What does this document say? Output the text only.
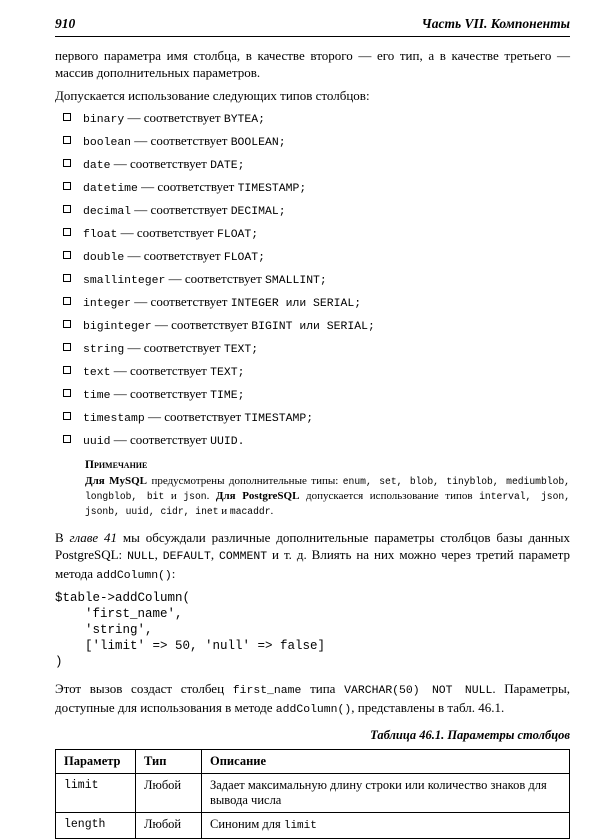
910	Часть VII. Компоненты

первого параметра имя столбца, в качестве второго — его тип, а в качестве третьего — массив дополнительных параметров.

Допускается использование следующих типов столбцов:

binary — соответствует BYTEA;
boolean — соответствует BOOLEAN;
date — соответствует DATE;
datetime — соответствует TIMESTAMP;
decimal — соответствует DECIMAL;
float — соответствует FLOAT;
double — соответствует FLOAT;
smallinteger — соответствует SMALLINT;
integer — соответствует INTEGER или SERIAL;
biginteger — соответствует BIGINT или SERIAL;
string — соответствует TEXT;
text — соответствует TEXT;
time — соответствует TIME;
timestamp — соответствует TIMESTAMP;
uuid — соответствует UUID.
Примечание
Для MySQL предусмотрены дополнительные типы: enum, set, blob, tinyblob, mediumblob, longblob, bit и json. Для PostgreSQL допускается использование типов interval, json, jsonb, uuid, cidr, inet и macaddr.

В главе 41 мы обсуждали различные дополнительные параметры столбцов базы данных PostgreSQL: NULL, DEFAULT, COMMENT и т. д. Влиять на них можно через третий параметр метода addColumn():

$table->addColumn(
'first_name',
'string',
['limit' => 50, 'null' => false]
)

Этот вызов создаст столбец first_name типа VARCHAR(50) NOT NULL. Параметры, доступные для использования в методе addColumn(), представлены в табл. 46.1.

Таблица 46.1. Параметры столбцов
Параметр	Тип	Описание
limit	Любой	Задает максимальную длину строки или количество знаков для вывода числа
length	Любой	Синоним для limit
